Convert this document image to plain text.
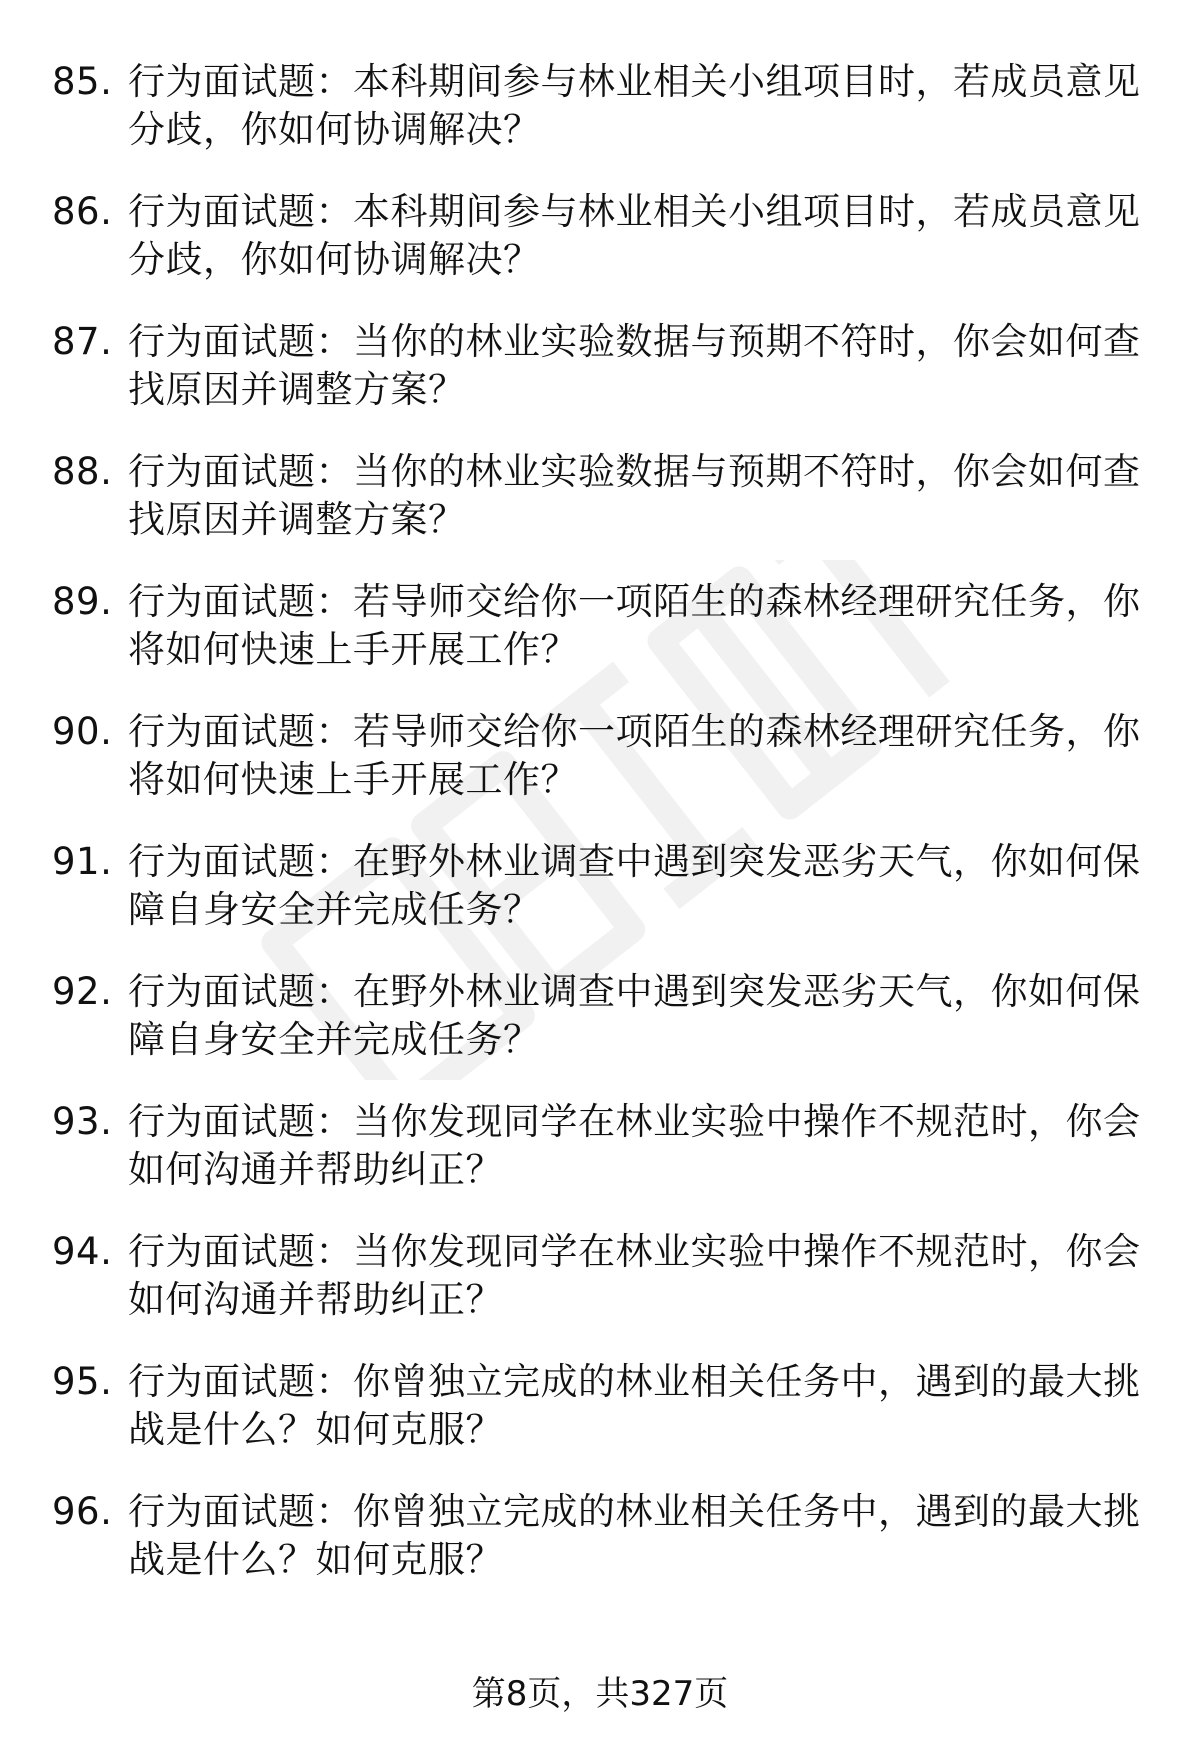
85. 行为面试题：本科期间参与林业相关小组项目时，若成员意见分歧，你如何协调解决？
86. 行为面试题：本科期间参与林业相关小组项目时，若成员意见分歧，你如何协调解决？
87. 行为面试题：当你的林业实验数据与预期不符时，你会如何查找原因并调整方案？
88. 行为面试题：当你的林业实验数据与预期不符时，你会如何查找原因并调整方案？
89. 行为面试题：若导师交给你一项陌生的森林经理研究任务，你将如何快速上手开展工作？
90. 行为面试题：若导师交给你一项陌生的森林经理研究任务，你将如何快速上手开展工作？
91. 行为面试题：在野外林业调查中遇到突发恶劣天气，你如何保障自身安全并完成任务？
92. 行为面试题：在野外林业调查中遇到突发恶劣天气，你如何保障自身安全并完成任务？
93. 行为面试题：当你发现同学在林业实验中操作不规范时，你会如何沟通并帮助纠正？
94. 行为面试题：当你发现同学在林业实验中操作不规范时，你会如何沟通并帮助纠正？
95. 行为面试题：你曾独立完成的林业相关任务中，遇到的最大挑战是什么？如何克服？
96. 行为面试题：你曾独立完成的林业相关任务中，遇到的最大挑战是什么？如何克服？
第8页，共327页
